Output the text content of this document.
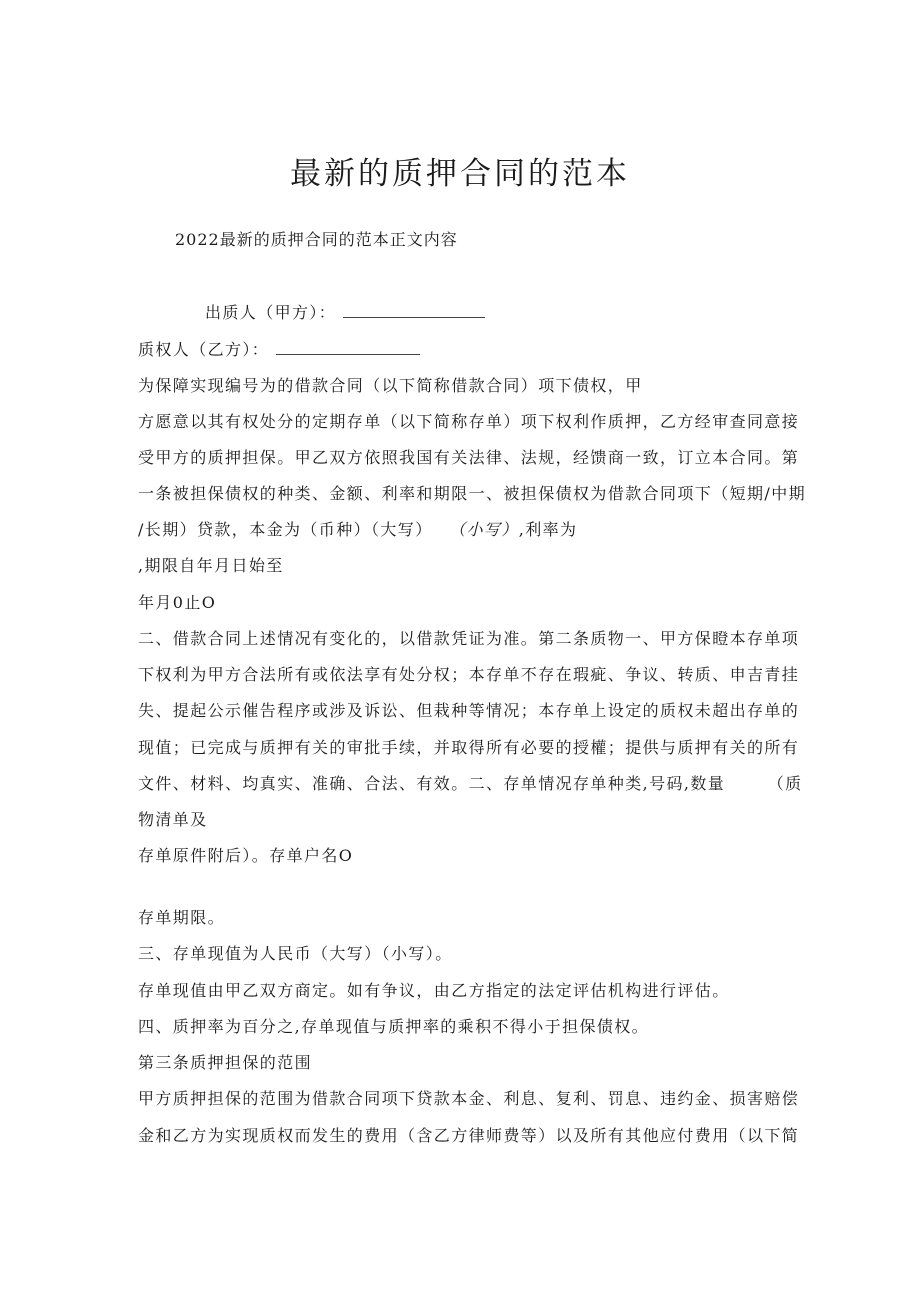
最新的质押合同的范本
2022最新的质押合同的范本正文内容
出质人（甲方）：
质权人（乙方）：
为保障实现编号为的借款合同（以下简称借款合同）项下债权，甲
方愿意以其有权处分的定期存单（以下简称存单）项下权利作质押，乙方经审查同意接
受甲方的质押担保。甲乙双方依照我国有关法律、法规，经馈商一致，订立本合同。第
一条被担保债权的种类、金额、利率和期限一、被担保债权为借款合同项下（短期/中期
/长期）贷款，本金为（币种）（大写） （小写）,利率为
,期限自年月日始至
年月0止O
二、借款合同上述情况有变化的，以借款凭证为准。第二条质物一、甲方保瞪本存单项
下权利为甲方合法所有或依法享有处分权；本存单不存在瑕疵、争议、转质、申吉青挂
失、提起公示催告程序或涉及诉讼、但栽种等情况；本存单上设定的质权未超出存单的
现值；已完成与质押有关的审批手续，并取得所有必要的授權；提供与质押有关的所有
文件、材料、均真实、准确、合法、有效。二、存单情况存单种类,号码,数量	（质
物清单及
存单原件附后）。存单户名O
存单期限。
三、存单现值为人民币（大写）（小写）。
存单现值由甲乙双方商定。如有争议，由乙方指定的法定评估机构进行评估。
四、质押率为百分之,存单现值与质押率的乘积不得小于担保债权。
第三条质押担保的范围
甲方质押担保的范围为借款合同项下贷款本金、利息、复利、罚息、违约金、损害赔偿
金和乙方为实现质权而发生的费用（含乙方律师费等）以及所有其他应付费用（以下简
